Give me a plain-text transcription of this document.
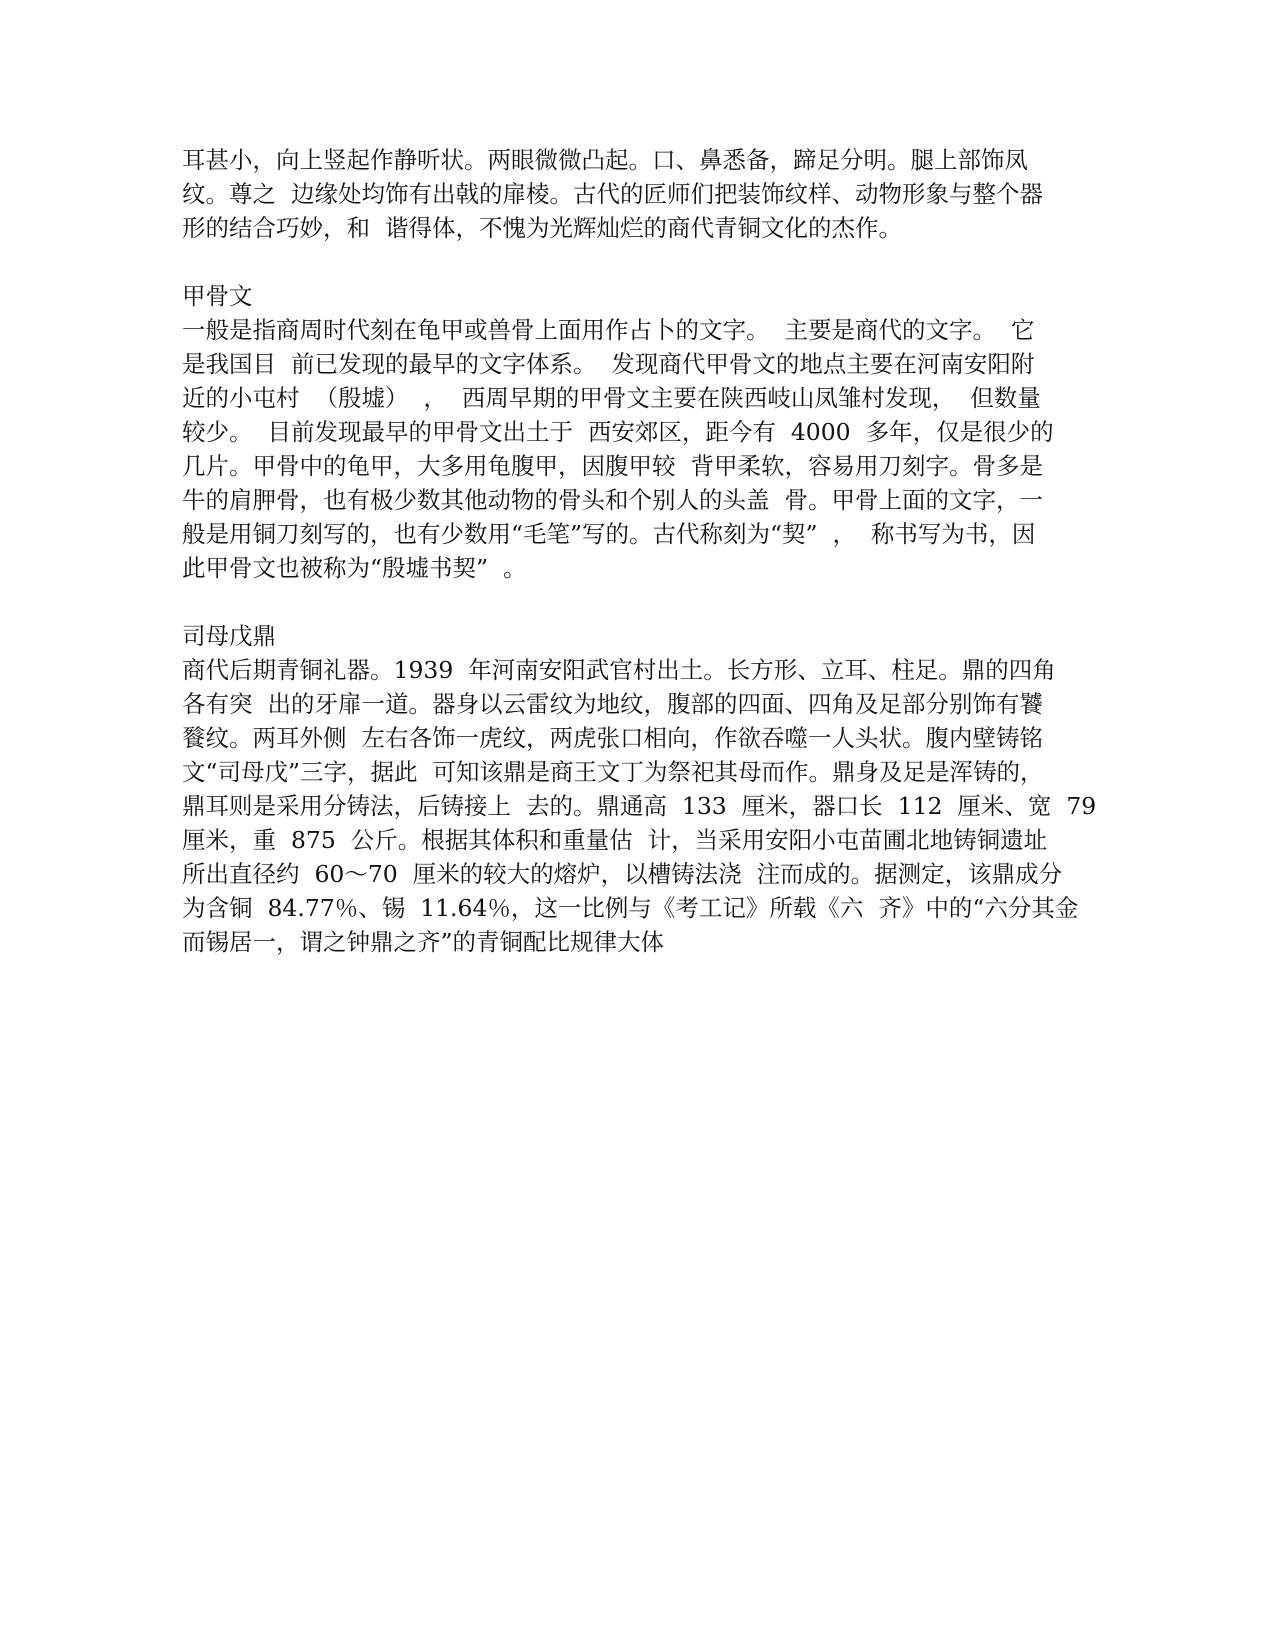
耳甚小，向上竖起作静听状。两眼微微凸起。口、鼻悉备，蹄足分明。腿上部饰凤
纹。尊之  边缘处均饰有出戟的扉棱。古代的匠师们把装饰纹样、动物形象与整个器
形的结合巧妙，和  谐得体，不愧为光辉灿烂的商代青铜文化的杰作。
甲骨文
一般是指商周时代刻在龟甲或兽骨上面用作占卜的文字。  主要是商代的文字。  它
是我国目  前已发现的最早的文字体系。  发现商代甲骨文的地点主要在河南安阳附
近的小屯村  （殷墟）  ，  西周早期的甲骨文主要在陕西岐山凤雏村发现，  但数量
较少。  目前发现最早的甲骨文出土于  西安郊区，距今有  4000  多年，仅是很少的
几片。甲骨中的龟甲，大多用龟腹甲，因腹甲较  背甲柔软，容易用刀刻字。骨多是
牛的肩胛骨，也有极少数其他动物的骨头和个别人的头盖  骨。甲骨上面的文字，一
般是用铜刀刻写的，也有少数用“毛笔”写的。古代称刻为“契”  ，  称书写为书，因
此甲骨文也被称为“殷墟书契”  。
司母戊鼎
商代后期青铜礼器。1939  年河南安阳武官村出土。长方形、立耳、柱足。鼎的四角
各有突  出的牙扉一道。器身以云雷纹为地纹，腹部的四面、四角及足部分别饰有饕
餮纹。两耳外侧  左右各饰一虎纹，两虎张口相向，作欲吞噬一人头状。腹内壁铸铭
文“司母戊”三字，据此  可知该鼎是商王文丁为祭祀其母而作。鼎身及足是浑铸的，
鼎耳则是采用分铸法，后铸接上  去的。鼎通高  133  厘米，器口长  112  厘米、宽  79
厘米，重  875  公斤。根据其体积和重量估  计，当采用安阳小屯苗圃北地铸铜遗址
所出直径约  60～70  厘米的较大的熔炉，以槽铸法浇  注而成的。据测定，该鼎成分
为含铜  84.77％、锡  11.64％，这一比例与《考工记》所载《六  齐》中的“六分其金
而锡居一，谓之钟鼎之齐”的青铜配比规律大体
